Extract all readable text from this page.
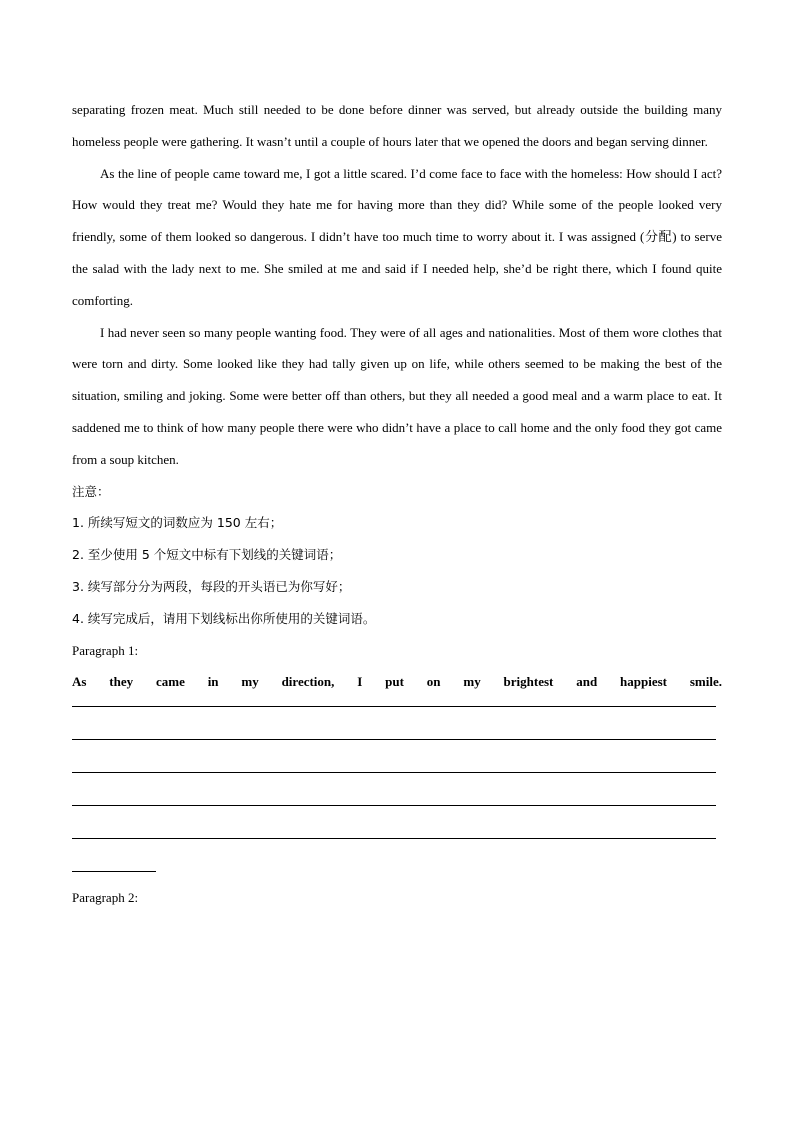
separating frozen meat. Much still needed to be done before dinner was served, but already outside the building many homeless people were gathering. It wasn’t until a couple of hours later that we opened the doors and began serving dinner.

As the line of people came toward me, I got a little scared. I’d come face to face with the homeless: How should I act? How would they treat me? Would they hate me for having more than they did? While some of the people looked very friendly, some of them looked so dangerous. I didn’t have too much time to worry about it. I was assigned (分配) to serve the salad with the lady next to me. She smiled at me and said if I needed help, she’d be right there, which I found quite comforting.

I had never seen so many people wanting food. They were of all ages and nationalities. Most of them wore clothes that were torn and dirty. Some looked like they had tally given up on life, while others seemed to be making the best of the situation, smiling and joking. Some were better off than others, but they all needed a good meal and a warm place to eat. It saddened me to think of how many people there were who didn’t have a place to call home and the only food they got came from a soup kitchen.

注意：

1. 所续写短文的词数应为 150 左右；

2. 至少使用 5 个短文中标有下划线的关键词语；

3. 续写部分分为两段，每段的开头语已为你写好；

4. 续写完成后，请用下划线标出你所使用的关键词语。

Paragraph 1:

As they came in my direction, I put on my brightest and happiest smile.

Paragraph 2:
